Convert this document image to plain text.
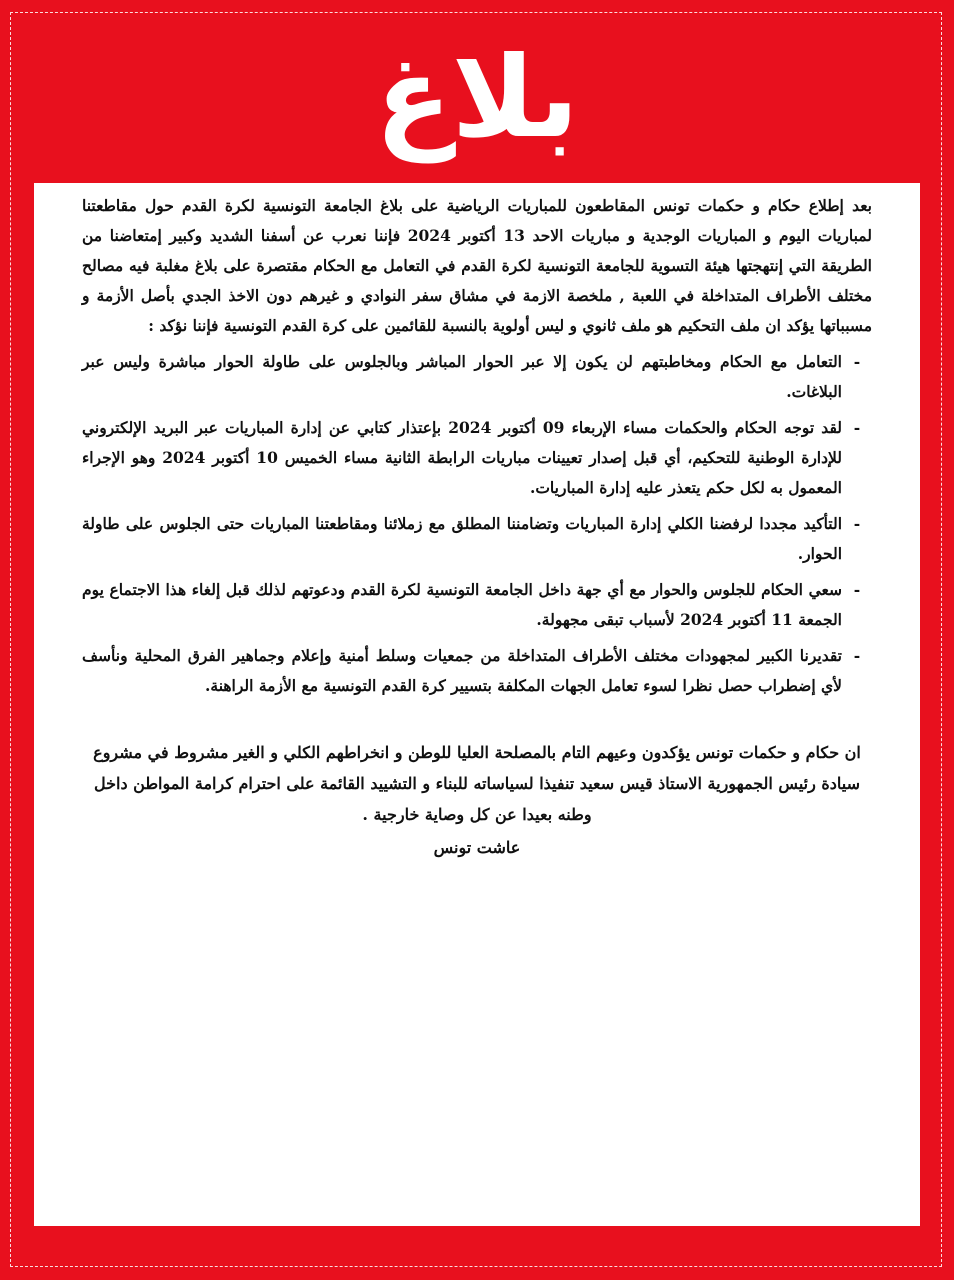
بلاغ

بعد إطلاع حكام و حكمات تونس المقاطعون للمباريات الرياضية على بلاغ الجامعة التونسية لكرة القدم حول مقاطعتنا لمباريات اليوم و المباريات الوجدية و مباريات الاحد 13 أكتوبر 2024 فإننا نعرب عن أسفنا الشديد وكبير إمتعاضنا من الطريقة التي إنتهجتها هيئة التسوية للجامعة التونسية لكرة القدم في التعامل مع الحكام مقتصرة على بلاغ مغلبة فيه مصالح مختلف الأطراف المتداخلة في اللعبة , ملخصة الازمة في مشاق سفر النوادي و غيرهم دون الاخذ الجدي بأصل الأزمة و مسبباتها يؤكد ان ملف التحكيم هو ملف ثانوي و ليس أولوية بالنسبة للقائمين على كرة القدم التونسية فإننا نؤكد :

-
التعامل مع الحكام ومخاطبتهم لن يكون إلا عبر الحوار المباشر وبالجلوس على طاولة الحوار مباشرة وليس عبر البلاغات.
-
لقد توجه الحكام والحكمات مساء الإربعاء 09 أكتوبر 2024 بإعتذار كتابي عن إدارة المباريات عبر البريد الإلكتروني للإدارة الوطنية للتحكيم، أي قبل إصدار تعيينات مباريات الرابطة الثانية مساء الخميس 10 أكتوبر 2024 وهو الإجراء المعمول به لكل حكم يتعذر عليه إدارة المباريات.
-
التأكيد مجددا لرفضنا الكلي إدارة المباريات وتضامننا المطلق مع زملائنا ومقاطعتنا المباريات حتى الجلوس على طاولة الحوار.
-
سعي الحكام للجلوس والحوار مع أي جهة داخل الجامعة التونسية لكرة القدم ودعوتهم لذلك قبل إلغاء هذا الاجتماع يوم الجمعة 11 أكتوبر 2024 لأسباب تبقى مجهولة.
-
تقديرنا الكبير لمجهودات مختلف الأطراف المتداخلة من جمعيات وسلط أمنية وإعلام وجماهير الفرق المحلية ونأسف لأي إضطراب حصل نظرا لسوء تعامل الجهات المكلفة بتسيير كرة القدم التونسية مع الأزمة الراهنة.

ان حكام و حكمات تونس يؤكدون وعيهم التام بالمصلحة العليا للوطن و انخراطهم الكلي و الغير مشروط في مشروع سيادة رئيس الجمهورية الاستاذ قيس سعيد تنفيذا لسياساته للبناء و التشييد القائمة على احترام كرامة المواطن داخل وطنه بعيدا عن كل وصاية خارجية .

عاشت تونس
